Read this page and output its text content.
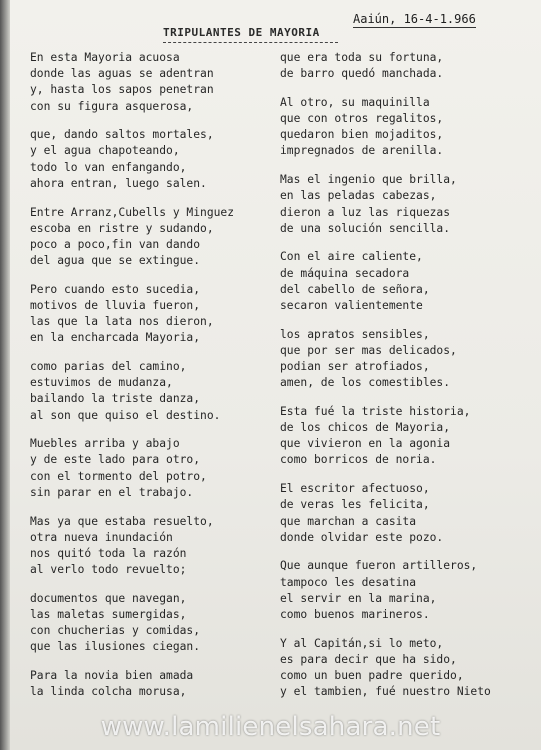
Aaiún, 16-4-1.966
TRIPULANTES DE MAYORIA
En esta Mayoria acuosa
donde las aguas se adentran
y, hasta los sapos penetran
con su figura asquerosa,
que, dando saltos mortales,
y el agua chapoteando,
todo lo van enfangando,
ahora entran, luego salen.
Entre Arranz,Cubells y Minguez
escoba en ristre y sudando,
poco a poco,fin van dando
del agua que se extingue.
Pero cuando esto sucedia,
motivos de lluvia fueron,
las que la lata nos dieron,
en la encharcada Mayoria,
como parias del camino,
estuvimos de mudanza,
bailando la triste danza,
al son que quiso el destino.
Muebles arriba y abajo
y de este lado para otro,
con el tormento del potro,
sin parar en el trabajo.
Mas ya que estaba resuelto,
otra nueva inundación
nos quitó toda la razón
al verlo todo revuelto;
documentos que navegan,
las maletas sumergidas,
con chucherias y comidas,
que las ilusiones ciegan.
Para la novia bien amada
la linda colcha morusa,
que era toda su fortuna,
de barro quedó manchada.
Al otro, su maquinilla
que con otros regalitos,
quedaron bien mojaditos,
impregnados de arenilla.
Mas el ingenio que brilla,
en las peladas cabezas,
dieron a luz las riquezas
de una solución sencilla.
Con el aire caliente,
de máquina secadora
del cabello de señora,
secaron valientemente
los apratos sensibles,
que por ser mas delicados,
podian ser atrofiados,
amen, de los comestibles.
Esta fué la triste historia,
de los chicos de Mayoria,
que vivieron en la agonia
como borricos de noria.
El escritor afectuoso,
de veras les felicita,
que marchan a casita
donde olvidar este pozo.
Que aunque fueron artilleros,
tampoco les desatina
el servir en la marina,
como buenos marineros.
Y al Capitán,si lo meto,
es para decir que ha sido,
como un buen padre querido,
y el tambien, fué nuestro Nieto
www.lamilienelsahara.net
